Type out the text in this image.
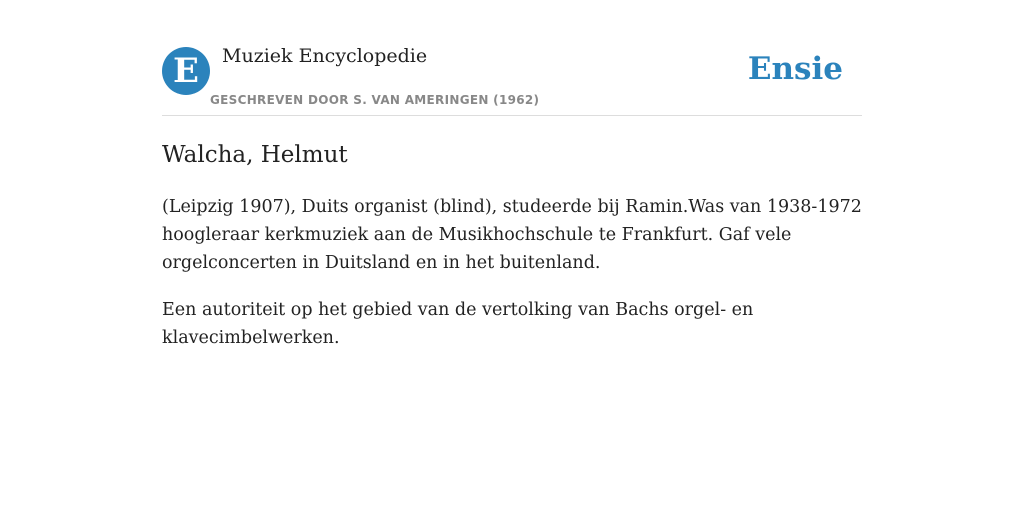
E	Muziek Encyclopedie
GESCHREVEN DOOR S. VAN AMERINGEN (1962)
Ensie
Walcha, Helmut

(Leipzig 1907), Duits organist (blind), studeerde bij Ramin.Was van 1938-1972 hoogleraar kerkmuziek aan de Musikhochschule te Frankfurt. Gaf vele orgelconcerten in Duitsland en in het buitenland.

Een autoriteit op het gebied van de vertolking van Bachs orgel- en klavecimbelwerken.
